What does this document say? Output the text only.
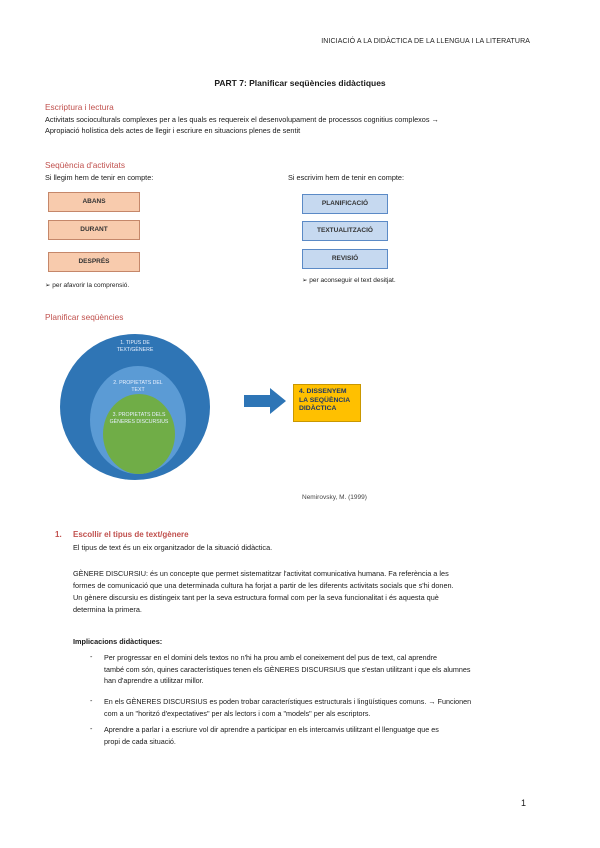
INICIACIÓ A LA DIDÀCTICA DE LA LLENGUA I LA LITERATURA
PART 7: Planificar seqüències didàctiques
Escriptura i lectura
Activitats socioculturals complexes per a les quals es requereix el desenvolupament de processos cognitius complexos →
Apropiació holística dels actes de llegir i escriure en situacions plenes de sentit
Seqüència d'activitats
Si llegim hem de tenir en compte:	Si escrivim hem de tenir en compte:
ABANS
DURANT
DESPRÉS
PLANIFICACIÓ
TEXTUALITZACIÓ
REVISIÓ
➢ per afavorir la comprensió.
➢ per aconseguir el text desitjat.
Planificar seqüències
1. TIPUS DE TEXT/GÈNERE
2. PROPIETATS DEL TEXT
3. PROPIETATS DELS GÈNERES DISCURSIUS
4. DISSENYEM LA SEQÜÈNCIA DIDÀCTICA
Nemirovsky, M. (1999)
1. Escollir el tipus de text/gènere
El tipus de text és un eix organitzador de la situació didàctica.
GÈNERE DISCURSIU: és un concepte que permet sistematitzar l'activitat comunicativa humana. Fa referència a les
formes de comunicació que una determinada cultura ha forjat a partir de les diferents activitats socials que s'hi donen.
Un gènere discursiu es distingeix tant per la seva estructura formal com per la seva funcionalitat i és aquesta què
determina la primera.
Implicacions didàctiques:
- Per progressar en el domini dels textos no n'hi ha prou amb el coneixement del pus de text, cal aprendre
també com són, quines característiques tenen els GÈNERES DISCURSIUS que s'estan utilitzant i que els alumnes
han d'aprendre a utilitzar millor.
- En els GÈNERES DISCURSIUS es poden trobar característiques estructurals i lingüístiques comuns. → Funcionen
com a un "horitzó d'expectatives" per als lectors i com a "models" per als escriptors.
- Aprendre a parlar i a escriure vol dir aprendre a participar en els intercanvis utilitzant el llenguatge que es
propi de cada situació.
1
